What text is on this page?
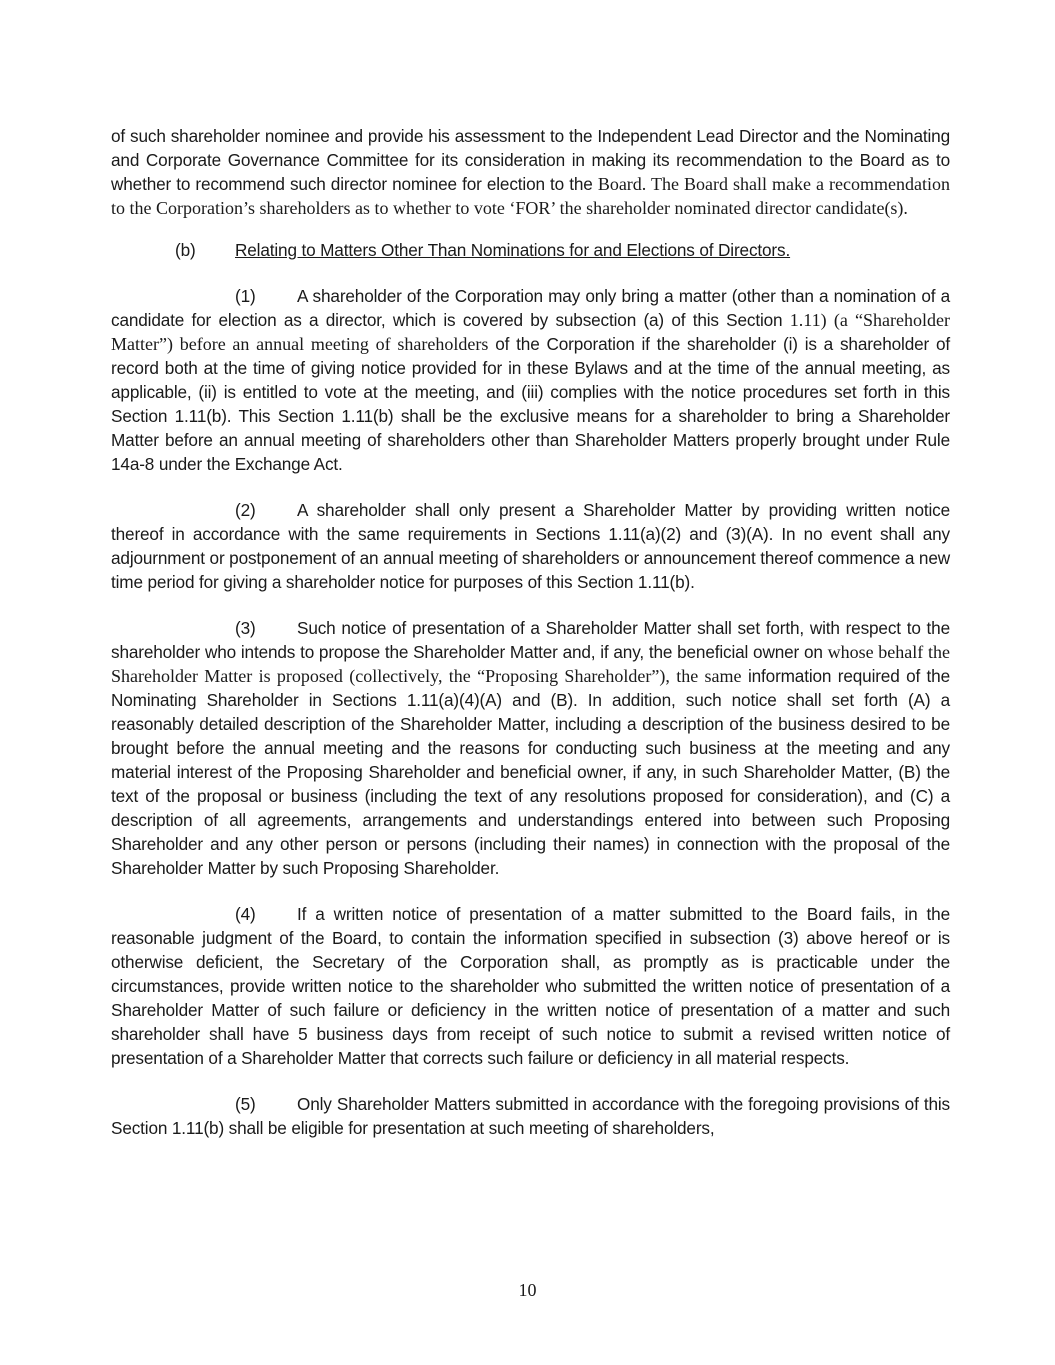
of such shareholder nominee and provide his assessment to the Independent Lead Director and the Nominating and Corporate Governance Committee for its consideration in making its recommendation to the Board as to whether to recommend such director nominee for election to the Board. The Board shall make a recommendation to the Corporation’s shareholders as to whether to vote ‘FOR’ the shareholder nominated director candidate(s).

(b) Relating to Matters Other Than Nominations for and Elections of Directors.

(1) A shareholder of the Corporation may only bring a matter (other than a nomination of a candidate for election as a director, which is covered by subsection (a) of this Section 1.11) (a “Shareholder Matter”) before an annual meeting of shareholders of the Corporation if the shareholder (i) is a shareholder of record both at the time of giving notice provided for in these Bylaws and at the time of the annual meeting, as applicable, (ii) is entitled to vote at the meeting, and (iii) complies with the notice procedures set forth in this Section 1.11(b). This Section 1.11(b) shall be the exclusive means for a shareholder to bring a Shareholder Matter before an annual meeting of shareholders other than Shareholder Matters properly brought under Rule 14a-8 under the Exchange Act.

(2) A shareholder shall only present a Shareholder Matter by providing written notice thereof in accordance with the same requirements in Sections 1.11(a)(2) and (3)(A). In no event shall any adjournment or postponement of an annual meeting of shareholders or announcement thereof commence a new time period for giving a shareholder notice for purposes of this Section 1.11(b).

(3) Such notice of presentation of a Shareholder Matter shall set forth, with respect to the shareholder who intends to propose the Shareholder Matter and, if any, the beneficial owner on whose behalf the Shareholder Matter is proposed (collectively, the “Proposing Shareholder”), the same information required of the Nominating Shareholder in Sections 1.11(a)(4)(A) and (B). In addition, such notice shall set forth (A) a reasonably detailed description of the Shareholder Matter, including a description of the business desired to be brought before the annual meeting and the reasons for conducting such business at the meeting and any material interest of the Proposing Shareholder and beneficial owner, if any, in such Shareholder Matter, (B) the text of the proposal or business (including the text of any resolutions proposed for consideration), and (C) a description of all agreements, arrangements and understandings entered into between such Proposing Shareholder and any other person or persons (including their names) in connection with the proposal of the Shareholder Matter by such Proposing Shareholder.

(4) If a written notice of presentation of a matter submitted to the Board fails, in the reasonable judgment of the Board, to contain the information specified in subsection (3) above hereof or is otherwise deficient, the Secretary of the Corporation shall, as promptly as is practicable under the circumstances, provide written notice to the shareholder who submitted the written notice of presentation of a Shareholder Matter of such failure or deficiency in the written notice of presentation of a matter and such shareholder shall have 5 business days from receipt of such notice to submit a revised written notice of presentation of a Shareholder Matter that corrects such failure or deficiency in all material respects.

(5) Only Shareholder Matters submitted in accordance with the foregoing provisions of this Section 1.11(b) shall be eligible for presentation at such meeting of shareholders,

10
